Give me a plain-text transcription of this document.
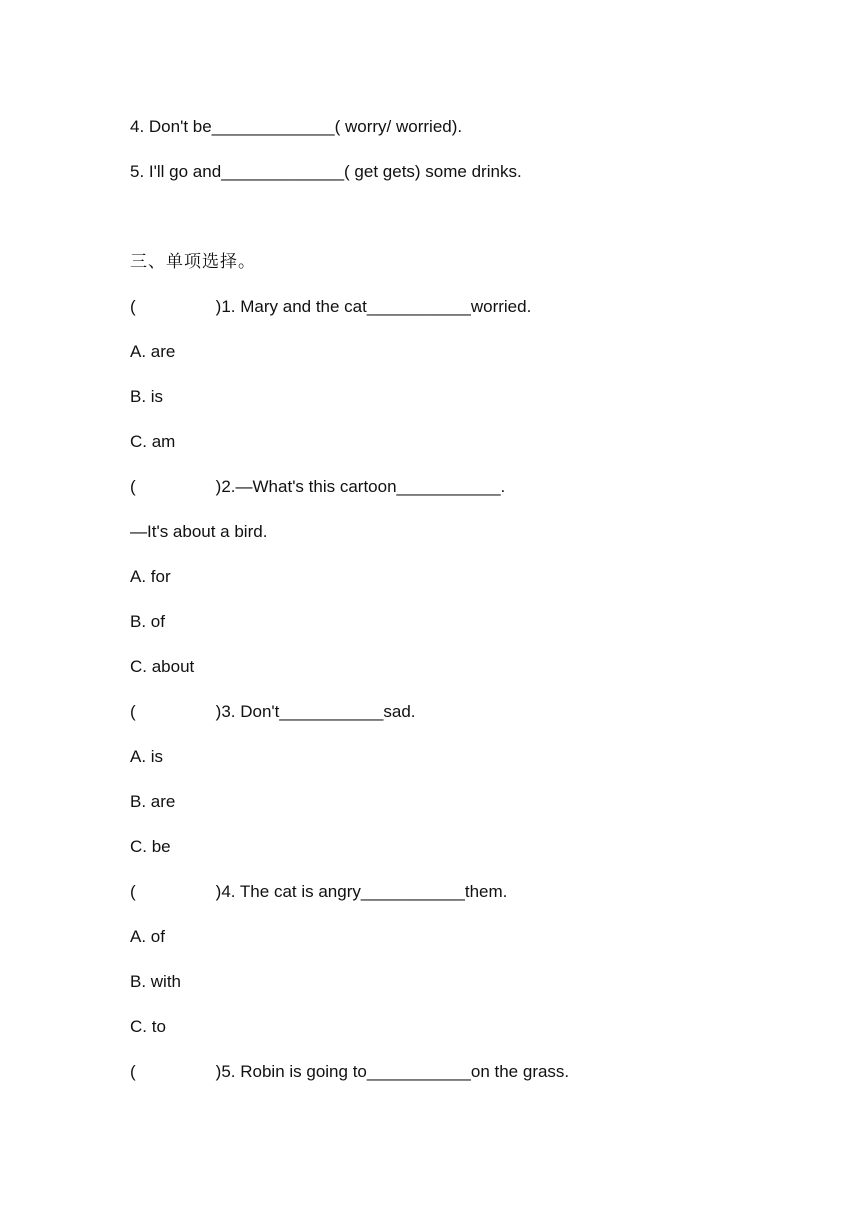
4. Don't be_____________( worry/ worried).
5. I'll go and_____________( get gets) some drinks.
三、单项选择。
(	)1. Mary and the cat___________worried.
A. are
B. is
C. am
(	)2.—What's this cartoon___________.
—It's about a bird.
A. for
B. of
C. about
(	)3. Don't___________sad.
A. is
B. are
C. be
(	)4. The cat is angry___________them.
A. of
B. with
C. to
(	)5. Robin is going to___________on the grass.
